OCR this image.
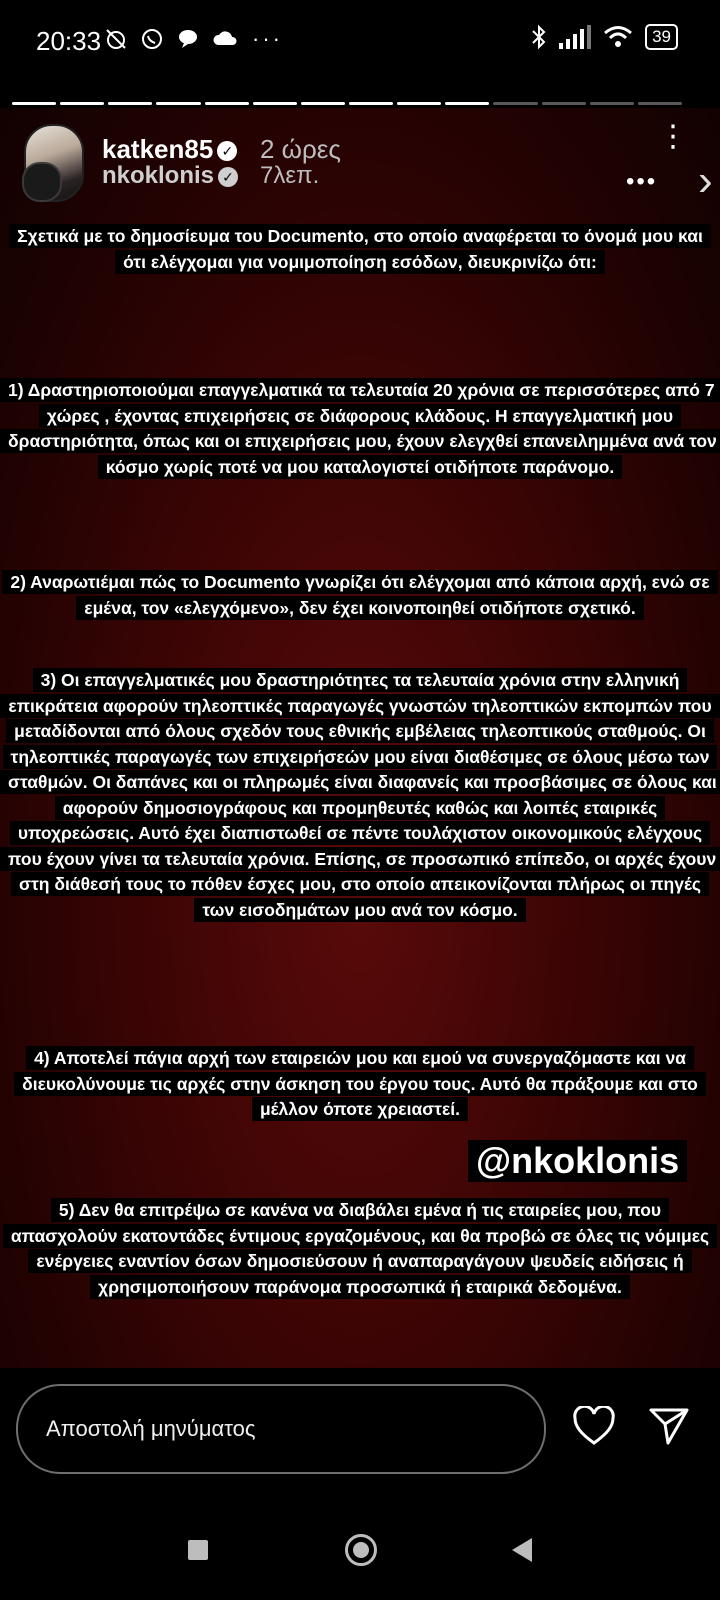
20:33	···	39
katken85 ✓ 2 ώρες
nkoklonis ✓ 7λεπ.
⋮
••• ›
Σχετικά με το δημοσίευμα του Documento, στο οποίο αναφέρεται το όνομά μου και ότι ελέγχομαι για νομιμοποίηση εσόδων, διευκρινίζω ότι:
1) Δραστηριοποιούμαι επαγγελματικά τα τελευταία 20 χρόνια σε περισσότερες από 7 χώρες , έχοντας επιχειρήσεις σε διάφορους κλάδους. Η επαγγελματική μου δραστηριότητα, όπως και οι επιχειρήσεις μου, έχουν ελεγχθεί επανειλημμένα ανά τον κόσμο χωρίς ποτέ να μου καταλογιστεί οτιδήποτε παράνομο.
2) Αναρωτιέμαι πώς το Documento γνωρίζει ότι ελέγχομαι από κάποια αρχή, ενώ σε εμένα, τον «ελεγχόμενο», δεν έχει κοινοποιηθεί οτιδήποτε σχετικό.
3) Οι επαγγελματικές μου δραστηριότητες τα τελευταία χρόνια στην ελληνική επικράτεια αφορούν τηλεοπτικές παραγωγές γνωστών τηλεοπτικών εκπομπών που μεταδίδονται από όλους σχεδόν τους εθνικής εμβέλειας τηλεοπτικούς σταθμούς. Οι τηλεοπτικές παραγωγές των επιχειρήσεών μου είναι διαθέσιμες σε όλους μέσω των σταθμών. Οι δαπάνες και οι πληρωμές είναι διαφανείς και προσβάσιμες σε όλους και αφορούν δημοσιογράφους και προμηθευτές καθώς και λοιπές εταιρικές υποχρεώσεις. Αυτό έχει διαπιστωθεί σε πέντε τουλάχιστον οικονομικούς ελέγχους που έχουν γίνει τα τελευταία χρόνια. Επίσης, σε προσωπικό επίπεδο, οι αρχές έχουν στη διάθεσή τους το πόθεν έσχες μου, στο οποίο απεικονίζονται πλήρως οι πηγές των εισοδημάτων μου ανά τον κόσμο.
4) Αποτελεί πάγια αρχή των εταιρειών μου και εμού να συνεργαζόμαστε και να διευκολύνουμε τις αρχές στην άσκηση του έργου τους. Αυτό θα πράξουμε και στο μέλλον όποτε χρειαστεί.
@nkoklonis
5) Δεν θα επιτρέψω σε κανένα να διαβάλει εμένα ή τις εταιρείες μου, που απασχολούν εκατοντάδες έντιμους εργαζομένους, και θα προβώ σε όλες τις νόμιμες ενέργειες εναντίον όσων δημοσιεύσουν ή αναπαραγάγουν ψευδείς ειδήσεις ή χρησιμοποιήσουν παράνομα προσωπικά ή εταιρικά δεδομένα.
Αποστολή μηνύματος
